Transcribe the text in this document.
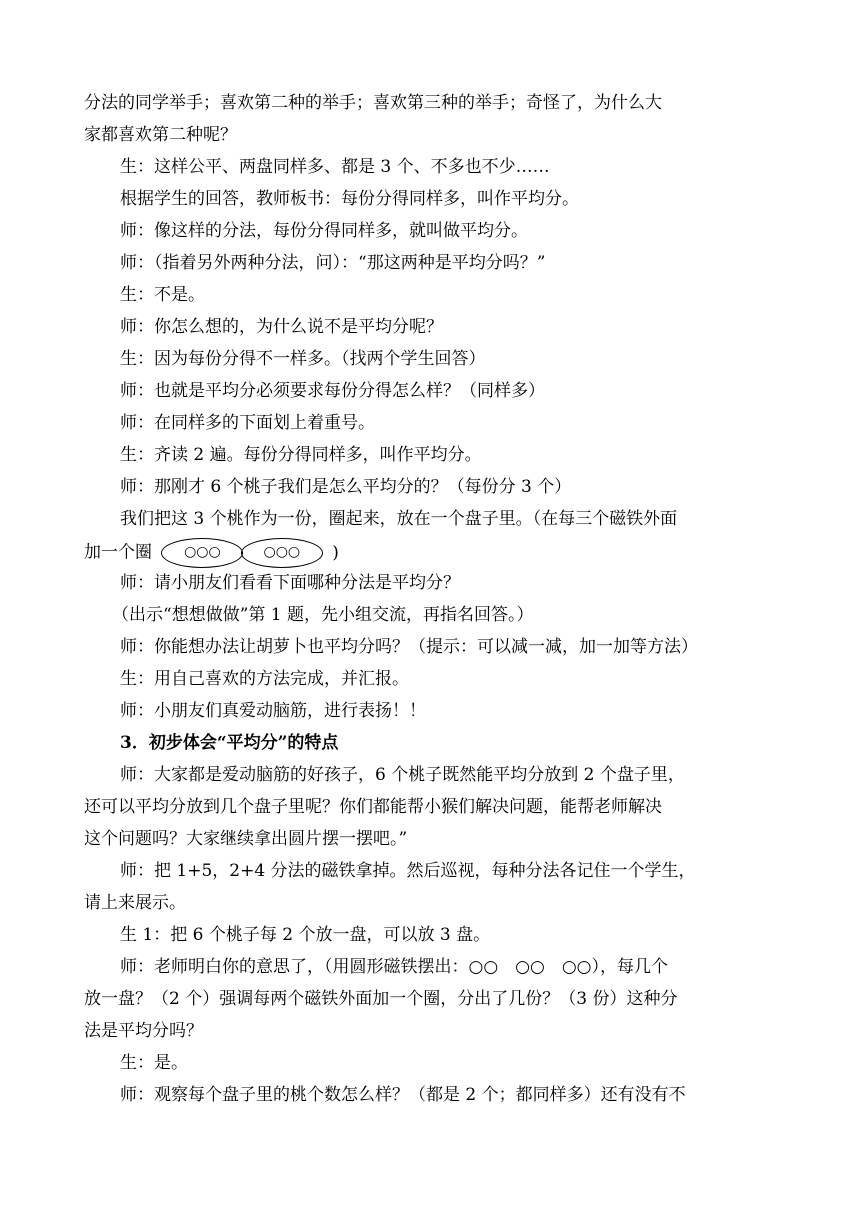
分法的同学举手；喜欢第二种的举手；喜欢第三种的举手；奇怪了，为什么大
家都喜欢第二种呢？
生：这样公平、两盘同样多、都是 3 个、不多也不少……
根据学生的回答，教师板书：每份分得同样多，叫作平均分。
师：像这样的分法，每份分得同样多，就叫做平均分。
师：（指着另外两种分法，问）：“那这两种是平均分吗？”
生：不是。
师：你怎么想的，为什么说不是平均分呢？
生：因为每份分得不一样多。（找两个学生回答）
师：也就是平均分必须要求每份分得怎么样？（同样多）
师：在同样多的下面划上着重号。
生：齐读 2 遍。每份分得同样多，叫作平均分。
师：那刚才 6 个桃子我们是怎么平均分的？（每份分 3 个）
我们把这 3 个桃作为一份，圈起来，放在一个盘子里。（在每三个磁铁外面
加一个圈 ○○○	○○○ )
师：请小朋友们看看下面哪种分法是平均分？
（出示“想想做做”第 1 题，先小组交流，再指名回答。）
师：你能想办法让胡萝卜也平均分吗？（提示：可以减一减，加一加等方法）
生：用自己喜欢的方法完成，并汇报。
师：小朋友们真爱动脑筋，进行表扬！！
3．初步体会“平均分”的特点
师：大家都是爱动脑筋的好孩子，6 个桃子既然能平均分放到 2 个盘子里，
还可以平均分放到几个盘子里呢？你们都能帮小猴们解决问题，能帮老师解决
这个问题吗？大家继续拿出圆片摆一摆吧。”
师：把 1+5，2+4 分法的磁铁拿掉。然后巡视，每种分法各记住一个学生，
请上来展示。
生 1：把 6 个桃子每 2 个放一盘，可以放 3 盘。
师：老师明白你的意思了，（用圆形磁铁摆出：○○　○○　○○），每几个
放一盘？（2 个）强调每两个磁铁外面加一个圈，分出了几份？（3 份）这种分
法是平均分吗？
生：是。
师：观察每个盘子里的桃个数怎么样？（都是 2 个；都同样多）还有没有不
